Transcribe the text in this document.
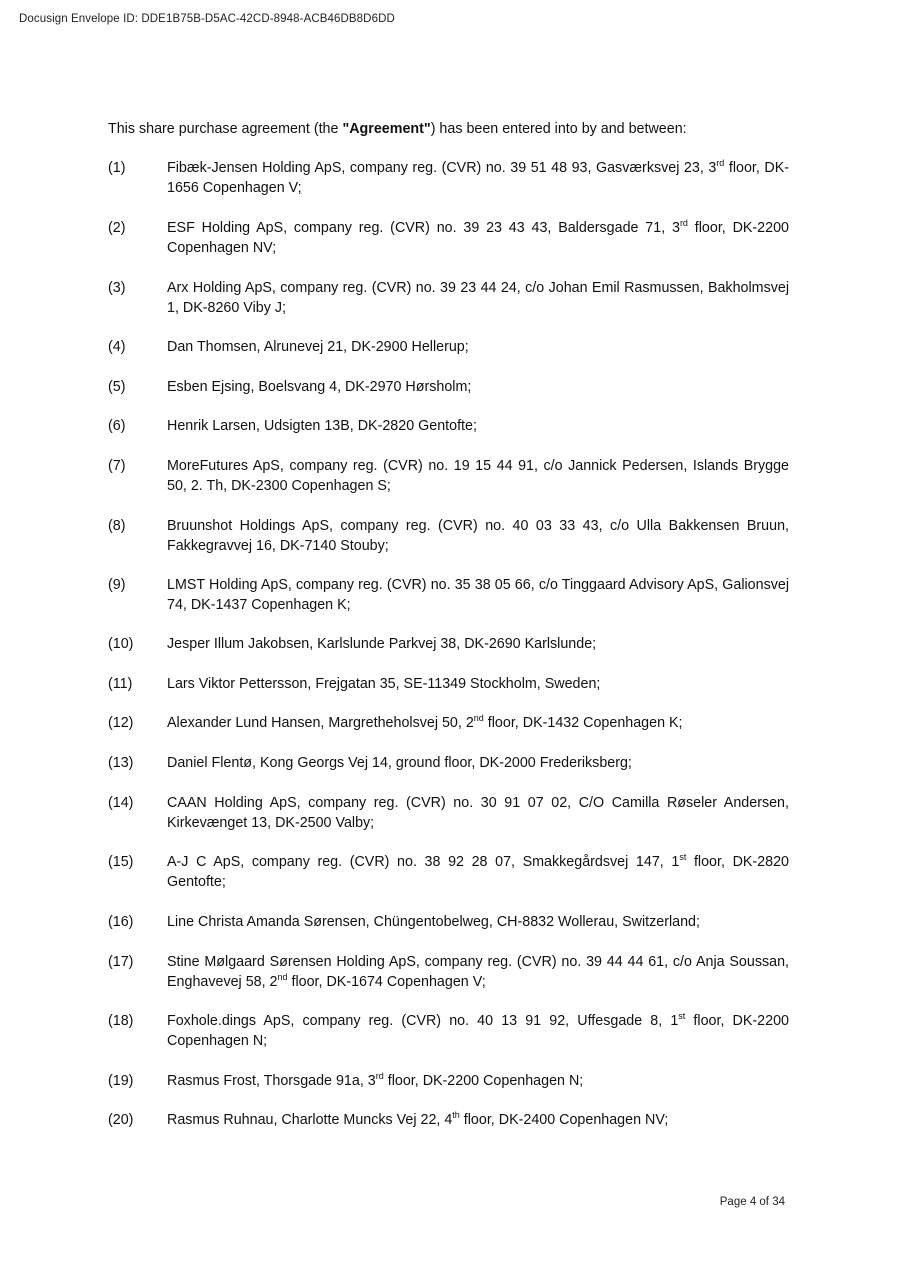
Docusign Envelope ID: DDE1B75B-D5AC-42CD-8948-ACB46DB8D6DD
This share purchase agreement (the "Agreement") has been entered into by and between:
(1)	Fibæk-Jensen Holding ApS, company reg. (CVR) no. 39 51 48 93, Gasværksvej 23, 3rd floor, DK-1656 Copenhagen V;
(2)	ESF Holding ApS, company reg. (CVR) no. 39 23 43 43, Baldersgade 71, 3rd floor, DK-2200 Copenhagen NV;
(3)	Arx Holding ApS, company reg. (CVR) no. 39 23 44 24, c/o Johan Emil Rasmussen, Bakholmsvej 1, DK-8260 Viby J;
(4)	Dan Thomsen, Alrunevej 21, DK-2900 Hellerup;
(5)	Esben Ejsing, Boelsvang 4, DK-2970 Hørsholm;
(6)	Henrik Larsen, Udsigten 13B, DK-2820 Gentofte;
(7)	MoreFutures ApS, company reg. (CVR) no. 19 15 44 91, c/o Jannick Pedersen, Islands Brygge 50, 2. Th, DK-2300 Copenhagen S;
(8)	Bruunshot Holdings ApS, company reg. (CVR) no. 40 03 33 43, c/o Ulla Bakkensen Bruun, Fakkegravvej 16, DK-7140 Stouby;
(9)	LMST Holding ApS, company reg. (CVR) no. 35 38 05 66, c/o Tinggaard Advisory ApS, Galionsvej 74, DK-1437 Copenhagen K;
(10)	Jesper Illum Jakobsen, Karlslunde Parkvej 38, DK-2690 Karlslunde;
(11)	Lars Viktor Pettersson, Frejgatan 35, SE-11349 Stockholm, Sweden;
(12)	Alexander Lund Hansen, Margretheholsvej 50, 2nd floor, DK-1432 Copenhagen K;
(13)	Daniel Flentø, Kong Georgs Vej 14, ground floor, DK-2000 Frederiksberg;
(14)	CAAN Holding ApS, company reg. (CVR) no. 30 91 07 02, C/O Camilla Røseler Andersen, Kirkevænget 13, DK-2500 Valby;
(15)	A-J C ApS, company reg. (CVR) no. 38 92 28 07, Smakkegårdsvej 147, 1st floor, DK-2820 Gentofte;
(16)	Line Christa Amanda Sørensen, Chüngentobelweg, CH-8832 Wollerau, Switzerland;
(17)	Stine Mølgaard Sørensen Holding ApS, company reg. (CVR) no. 39 44 44 61, c/o Anja Soussan, Enghavevej 58, 2nd floor, DK-1674 Copenhagen V;
(18)	Foxhole.dings ApS, company reg. (CVR) no. 40 13 91 92, Uffesgade 8, 1st floor, DK-2200 Copenhagen N;
(19)	Rasmus Frost, Thorsgade 91a, 3rd floor, DK-2200 Copenhagen N;
(20)	Rasmus Ruhnau, Charlotte Muncks Vej 22, 4th floor, DK-2400 Copenhagen NV;
Page 4 of 34
